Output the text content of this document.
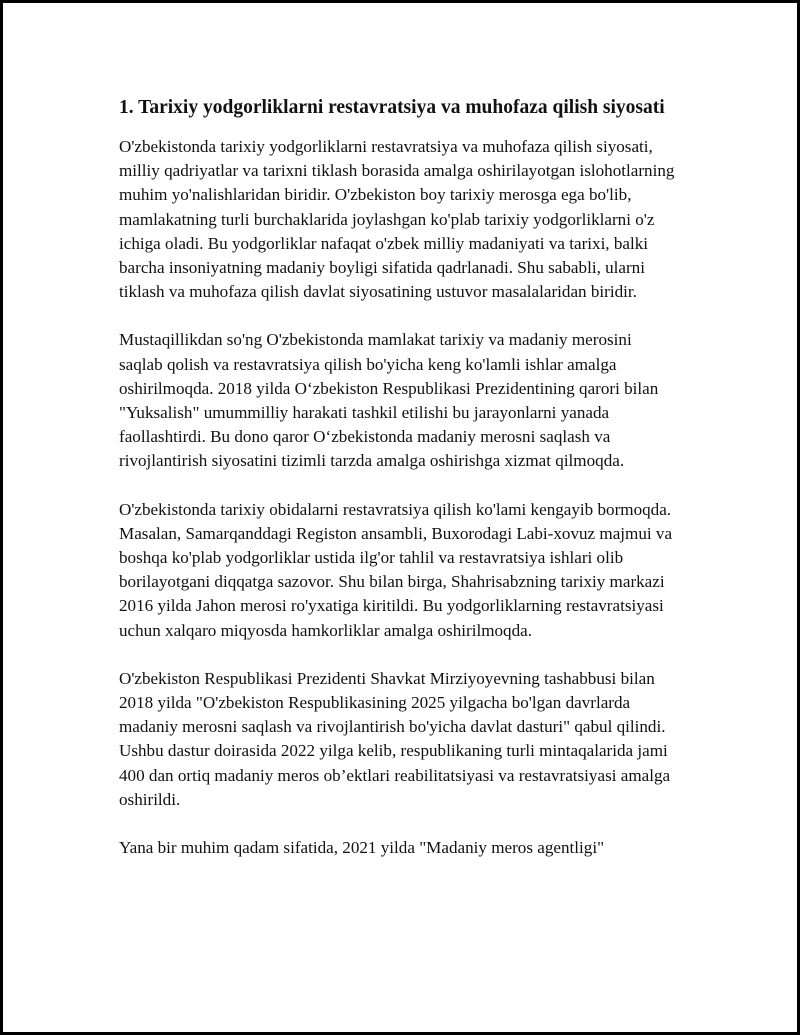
1. Tarixiy yodgorliklarni restavratsiya va muhofaza qilish siyosati

O'zbekistonda tarixiy yodgorliklarni restavratsiya va muhofaza qilish siyosati, milliy qadriyatlar va tarixni tiklash borasida amalga oshirilayotgan islohotlarning muhim yo'nalishlaridan biridir. O'zbekiston boy tarixiy merosga ega bo'lib, mamlakatning turli burchaklarida joylashgan ko'plab tarixiy yodgorliklarni o'z ichiga oladi. Bu yodgorliklar nafaqat o'zbek milliy madaniyati va tarixi, balki barcha insoniyatning madaniy boyligi sifatida qadrlanadi. Shu sababli, ularni tiklash va muhofaza qilish davlat siyosatining ustuvor masalalaridan biridir.

Mustaqillikdan so'ng O'zbekistonda mamlakat tarixiy va madaniy merosini saqlab qolish va restavratsiya qilish bo'yicha keng ko'lamli ishlar amalga oshirilmoqda. 2018 yilda O‘zbekiston Respublikasi Prezidentining qarori bilan "Yuksalish" umummilliy harakati tashkil etilishi bu jarayonlarni yanada faollashtirdi. Bu dono qaror O‘zbekistonda madaniy merosni saqlash va rivojlantirish siyosatini tizimli tarzda amalga oshirishga xizmat qilmoqda.

O'zbekistonda tarixiy obidalarni restavratsiya qilish ko'lami kengayib bormoqda. Masalan, Samarqanddagi Registon ansambli, Buxorodagi Labi-xovuz majmui va boshqa ko'plab yodgorliklar ustida ilg'or tahlil va restavratsiya ishlari olib borilayotgani diqqatga sazovor. Shu bilan birga, Shahrisabzning tarixiy markazi 2016 yilda Jahon merosi ro'yxatiga kiritildi. Bu yodgorliklarning restavratsiyasi uchun xalqaro miqyosda hamkorliklar amalga oshirilmoqda.

O'zbekiston Respublikasi Prezidenti Shavkat Mirziyoyevning tashabbusi bilan 2018 yilda "O'zbekiston Respublikasining 2025 yilgacha bo'lgan davrlarda madaniy merosni saqlash va rivojlantirish bo'yicha davlat dasturi" qabul qilindi. Ushbu dastur doirasida 2022 yilga kelib, respublikaning turli mintaqalarida jami 400 dan ortiq madaniy meros ob’ektlari reabilitatsiyasi va restavratsiyasi amalga oshirildi.

Yana bir muhim qadam sifatida, 2021 yilda "Madaniy meros agentligi"
